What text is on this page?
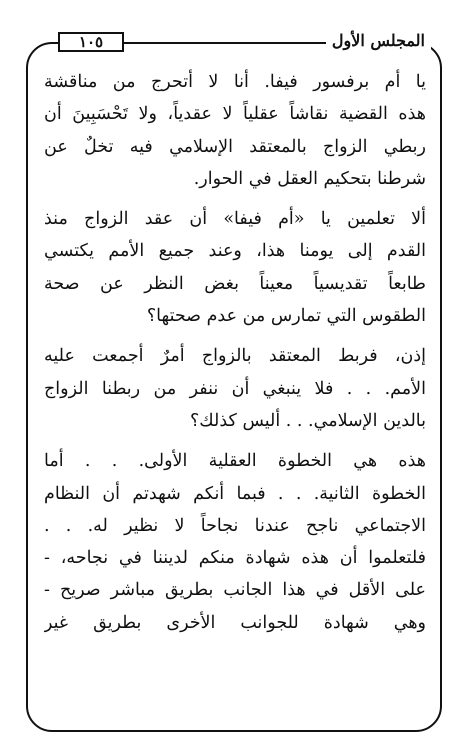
المجلس الأول
١٠٥
يا أم برفسور فيفا. أنا لا أتحرج من مناقشة
هذه القضية نقاشاً عقلياً لا عقدياً، ولا تَحْسَبِينَ أن
ربطي الزواج بالمعتقد الإسلامي فيه تخلٌ عن
شرطنا بتحكيم العقل في الحوار.
ألا تعلمين يا «أم فيفا» أن عقد الزواج منذ
القدم إلى يومنا هذا، وعند جميع الأمم يكتسي
طابعاً تقديسياً معيناً بغض النظر عن صحة
الطقوس التي تمارس من عدم صحتها؟
إذن، فربط المعتقد بالزواج أمرٌ أجمعت عليه
الأمم. . . فلا ينبغي أن ننفر من ربطنا الزواج
بالدين الإسلامي. . . أليس كذلك؟
هذه هي الخطوة العقلية الأولى. . . أما
الخطوة الثانية. . . فبما أنكم شهدتم أن النظام
الاجتماعي ناجح عندنا نجاحاً لا نظير له. . .
فلتعلموا أن هذه شهادة منكم لديننا في نجاحه، -
على الأقل في هذا الجانب بطريق مباشر صريح -
وهي شهادة للجوانب الأخرى بطريق غير
